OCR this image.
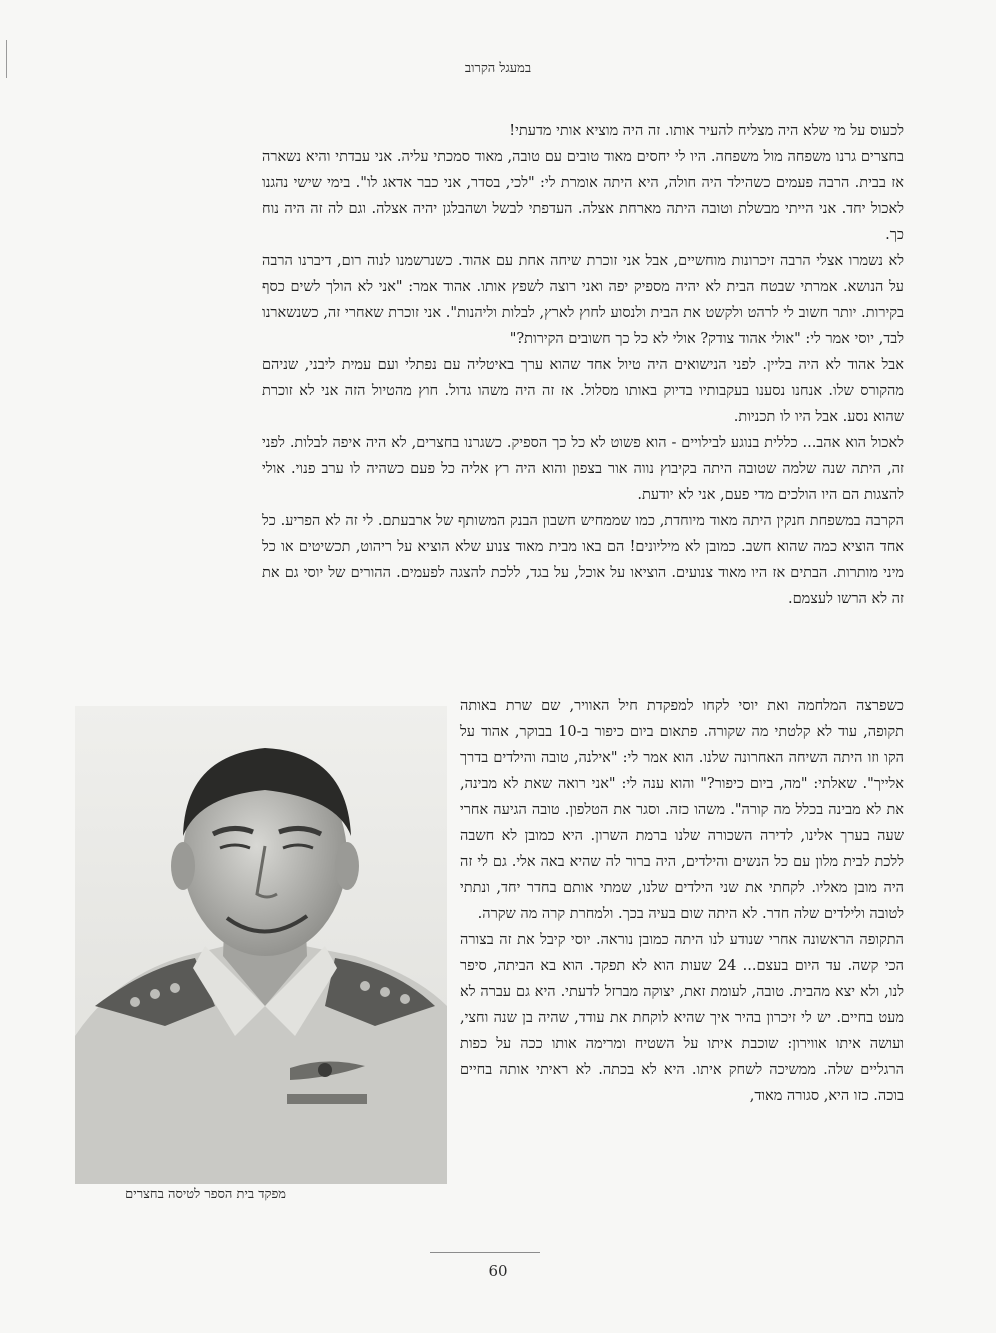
במעגל הקרוב

לכעוס על מי שלא היה מצליח להעיר אותו. זה היה מוציא אותי מדעתי!

בחצרים גרנו משפחה מול משפחה. היו לי יחסים מאוד טובים עם טובה, מאוד סמכתי עליה. אני עבדתי והיא נשארה אז בבית. הרבה פעמים כשהילד היה חולה, היא היתה אומרת לי: "לכי, בסדר, אני כבר אדאג לו". בימי שישי נהגנו לאכול יחד. אני הייתי מבשלת וטובה היתה מארחת אצלה. העדפתי לבשל ושהבלגן יהיה אצלה. וגם לה זה היה נוח כך.

לא נשמרו אצלי הרבה זיכרונות מוחשיים, אבל אני זוכרת שיחה אחת עם אהוד. כשנרשמנו לנוה רום, דיברנו הרבה על הנושא. אמרתי שבטח הבית לא יהיה מספיק יפה ואני רוצה לשפץ אותו. אהוד אמר: "אני לא הולך לשים כסף בקירות. יותר חשוב לי לרהט ולקשט את הבית ולנסוע לחוץ לארץ, לבלות וליהנות". אני זוכרת שאחרי זה, כשנשארנו לבד, יוסי אמר לי: "אולי אהוד צודק? אולי לא כל כך חשובים הקירות?"

אבל אהוד לא היה בליין. לפני הנישואים היה טיול אחד שהוא ערך באיטליה עם נפתלי ועם עמית ליבני, שניהם מהקורס שלו. אנחנו נסענו בעקבותיו בדיוק באותו מסלול. אז זה היה משהו גדול. חוץ מהטיול הזה אני לא זוכרת שהוא נסע. אבל היו לו תכניות.

לאכול הוא אהב... כללית בנוגע לבילויים - הוא פשוט לא כל כך הספיק. כשגרנו בחצרים, לא היה איפה לבלות. לפני זה, היתה שנה שלמה שטובה היתה בקיבוץ נווה אור בצפון והוא היה רץ אליה כל פעם כשהיה לו ערב פנוי. אולי להצגות הם היו הולכים מדי פעם, אני לא יודעת.

הקרבה במשפחת חנקין היתה מאוד מיוחדת, כמו שממחיש חשבון הבנק המשותף של ארבעתם. לי זה לא הפריע. כל אחד הוציא כמה שהוא חשב. כמובן לא מיליונים! הם באו מבית מאוד צנוע שלא הוציא על ריהוט, תכשיטים או כל מיני מותרות. הבתים אז היו מאוד צנועים. הוציאו על אוכל, על בגד, ללכת להצגה לפעמים. ההורים של יוסי גם את זה לא הרשו לעצמם.

מפקד בית הספר לטיסה בחצרים

כשפרצה המלחמה ואת יוסי לקחו למפקדת חיל האוויר, שם שרת באותה תקופה, עוד לא קלטתי מה שקורה. פתאום ביום כיפור ב-10 בבוקר, אהוד על הקו וזו היתה השיחה האחרונה שלנו. הוא אמר לי: "אילנה, טובה והילדים בדרך אלייך". שאלתי: "מה, ביום כיפור?" והוא ענה לי: "אני רואה שאת לא מבינה, את לא מבינה בכלל מה קורה". משהו כזה. וסגר את הטלפון. טובה הגיעה אחרי שעה בערך אלינו, לדירה השכורה שלנו ברמת השרון. היא כמובן לא חשבה ללכת לבית מלון עם כל הנשים והילדים, היה ברור לה שהיא באה אלי. גם לי זה היה מובן מאליו. לקחתי את שני הילדים שלנו, שמתי אותם בחדר יחד, ונתתי לטובה ולילדים שלה חדר. לא היתה שום בעיה בכך. ולמחרת קרה מה שקרה.

התקופה הראשונה אחרי שנודע לנו היתה כמובן נוראה. יוסי קיבל את זה בצורה הכי קשה. עד היום בעצם... 24 שעות הוא לא תפקד. הוא בא הביתה, סיפר לנו, ולא יצא מהבית. טובה, לעומת זאת, יצוקה מברזל לדעתי. היא גם עברה לא מעט בחיים. יש לי זיכרון בהיר איך שהיא לוקחת את עודד, שהיה בן שנה וחצי, ועושה איתו אווירון: שוכבת איתו על השטיח ומרימה אותו ככה על כפות הרגליים שלה. ממשיכה לשחק איתו. היא לא בכתה. לא ראיתי אותה בחיים בוכה. כזו היא, סגורה מאוד,

60
